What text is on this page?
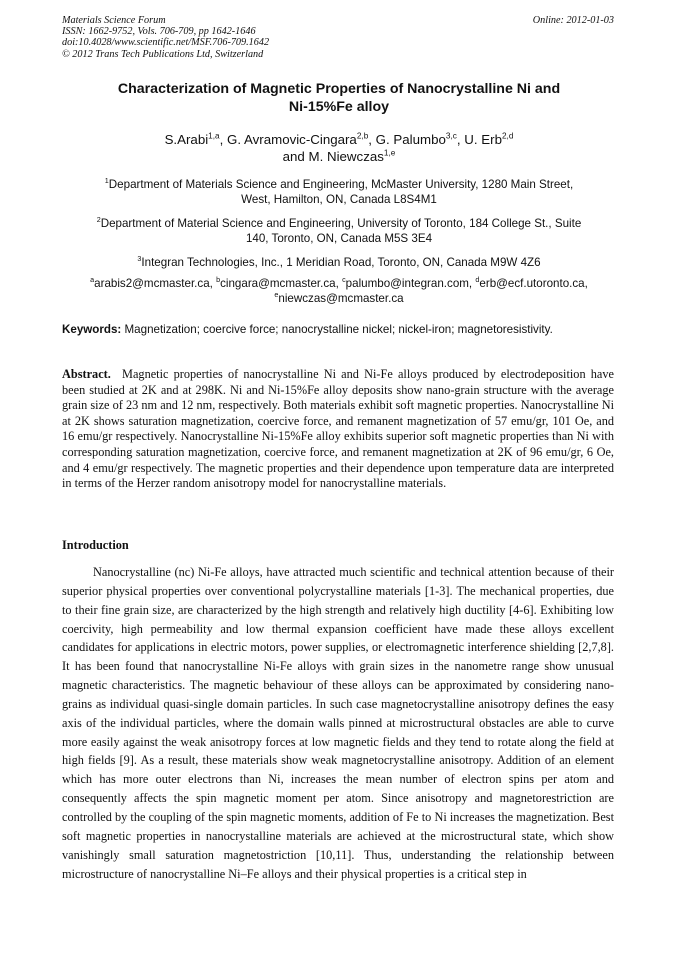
Materials Science Forum
ISSN: 1662-9752, Vols. 706-709, pp 1642-1646
doi:10.4028/www.scientific.net/MSF.706-709.1642
© 2012 Trans Tech Publications Ltd, Switzerland
Online: 2012-01-03
Characterization of Magnetic Properties of Nanocrystalline Ni and
Ni-15%Fe alloy
S.Arabi$^{1,a}$, G. Avramovic-Cingara$^{2,b}$, G. Palumbo$^{3,c}$, U. Erb$^{2,d}$
and M. Niewczas$^{1,e}$
$^1$Department of Materials Science and Engineering, McMaster University, 1280 Main Street,
West, Hamilton, ON, Canada L8S4M1
$^2$Department of Material Science and Engineering, University of Toronto, 184 College St., Suite
140, Toronto, ON, Canada M5S 3E4
$^3$Integran Technologies, Inc., 1 Meridian Road, Toronto, ON, Canada M9W 4Z6
$^a$arabis2@mcmaster.ca, $^b$cingara@mcmaster.ca, $^c$palumbo@integran.com, $^d$erb@ecf.utoronto.ca,
$^e$niewczas@mcmaster.ca
Keywords: Magnetization; coercive force; nanocrystalline nickel; nickel-iron; magnetoresistivity.
Abstract. Magnetic properties of nanocrystalline Ni and Ni-Fe alloys produced by electrodeposition have been studied at 2K and at 298K. Ni and Ni-15%Fe alloy deposits show nano-grain structure with the average grain size of 23 nm and 12 nm, respectively. Both materials exhibit soft magnetic properties. Nanocrystalline Ni at 2K shows saturation magnetization, coercive force, and remanent magnetization of 57 emu/gr, 101 Oe, and 16 emu/gr respectively. Nanocrystalline Ni-15%Fe alloy exhibits superior soft magnetic properties than Ni with corresponding saturation magnetization, coercive force, and remanent magnetization at 2K of 96 emu/gr, 6 Oe, and 4 emu/gr respectively. The magnetic properties and their dependence upon temperature data are interpreted in terms of the Herzer random anisotropy model for nanocrystalline materials.
Introduction
Nanocrystalline (nc) Ni-Fe alloys, have attracted much scientific and technical attention because of their superior physical properties over conventional polycrystalline materials [1-3]. The mechanical properties, due to their fine grain size, are characterized by the high strength and relatively high ductility [4-6]. Exhibiting low coercivity, high permeability and low thermal expansion coefficient have made these alloys excellent candidates for applications in electric motors, power supplies, or electromagnetic interference shielding [2,7,8]. It has been found that nanocrystalline Ni-Fe alloys with grain sizes in the nanometre range show unusual magnetic characteristics. The magnetic behaviour of these alloys can be approximated by considering nano-grains as individual quasi-single domain particles. In such case magnetocrystalline anisotropy defines the easy axis of the individual particles, where the domain walls pinned at microstructural obstacles are able to curve more easily against the weak anisotropy forces at low magnetic fields and they tend to rotate along the field at high fields [9]. As a result, these materials show weak magnetocrystalline anisotropy. Addition of an element which has more outer electrons than Ni, increases the mean number of electron spins per atom and consequently affects the spin magnetic moment per atom. Since anisotropy and magnetorestriction are controlled by the coupling of the spin magnetic moments, addition of Fe to Ni increases the magnetization. Best soft magnetic properties in nanocrystalline materials are achieved at the microstructural state, which show vanishingly small saturation magnetostriction [10,11]. Thus, understanding the relationship between microstructure of nanocrystalline Ni–Fe alloys and their physical properties is a critical step in
